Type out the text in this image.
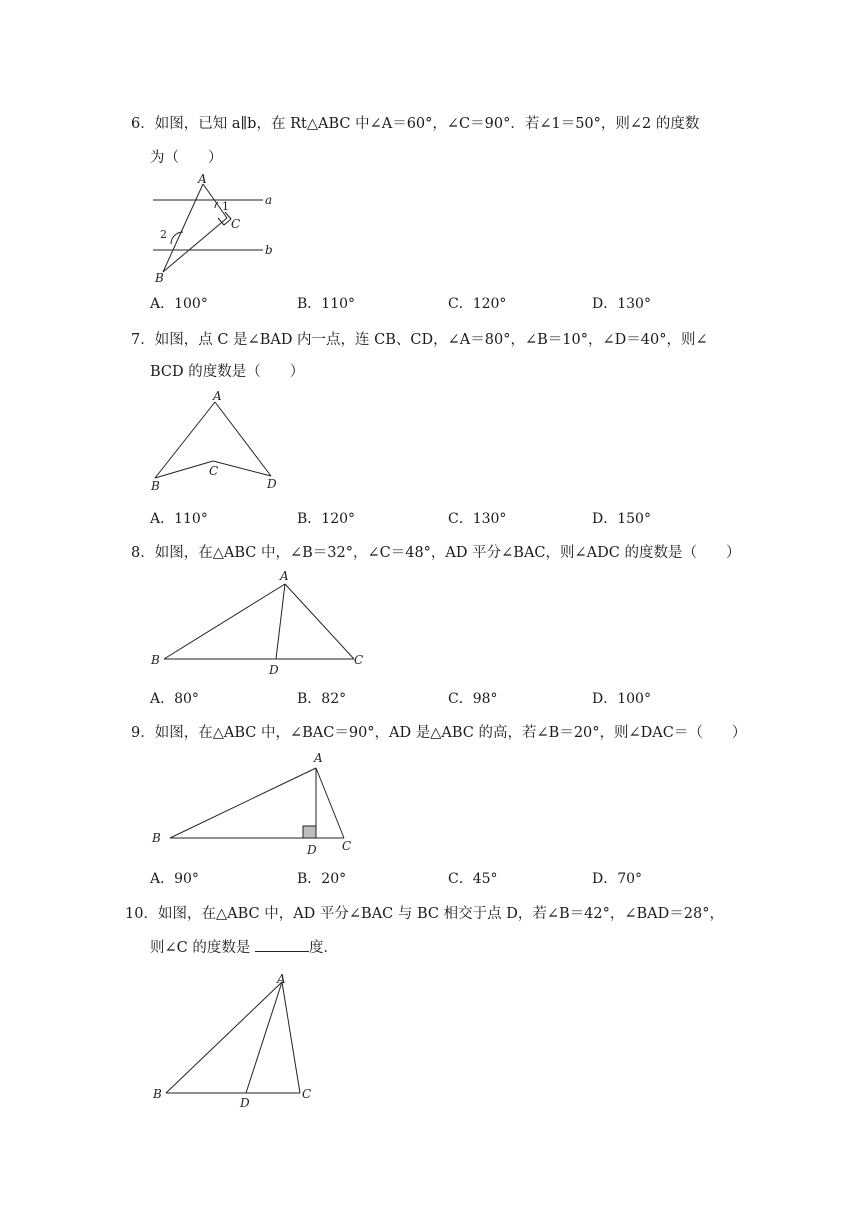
6．如图，已知 a∥b，在 Rt△ABC 中∠A＝60°，∠C＝90°．若∠1＝50°，则∠2 的度数
为（　　）
A
a
1
C
2
b
B
A．100°	B．110°	C．120°	D．130°
7．如图，点 C 是∠BAD 内一点，连 CB、CD，∠A＝80°，∠B＝10°，∠D＝40°，则∠
BCD 的度数是（　　）
A
C
B	D
A．110°	B．120°	C．130°	D．150°
8．如图，在△ABC 中，∠B＝32°，∠C＝48°，AD 平分∠BAC，则∠ADC 的度数是（　　）
A
B
D
C
A．80°	B．82°	C．98°	D．100°
9．如图，在△ABC 中，∠BAC＝90°，AD 是△ABC 的高，若∠B＝20°，则∠DAC＝（　　）
A
B
D C
A．90°	B．20°	C．45°	D．70°
10．如图，在△ABC 中，AD 平分∠BAC 与 BC 相交于点 D，若∠B＝42°，∠BAD＝28°，
则∠C 的度数是	度．
A
B
D
C
